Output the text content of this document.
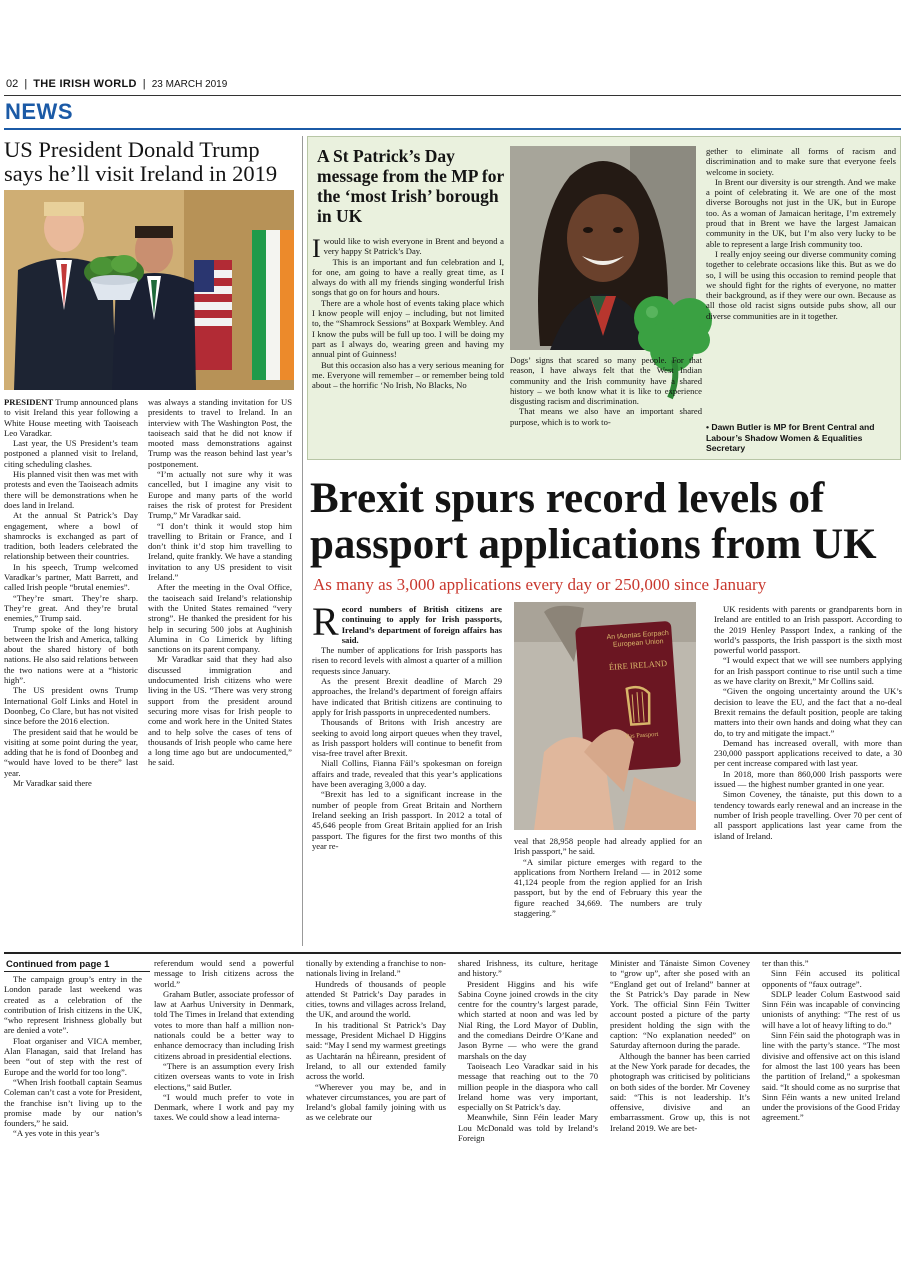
02 | THE IRISH WORLD | 23 MARCH 2019
NEWS
US President Donald Trump says he’ll visit Ireland in 2019

PRESIDENT Trump announced plans to visit Ireland this year following a White House meeting with Taoiseach Leo Varadkar.

Last year, the US President’s team postponed a planned visit to Ireland, citing scheduling clashes.

His planned visit then was met with protests and even the Taoiseach admits there will be demonstrations when he does land in Ireland.

At the annual St Patrick’s Day engagement, where a bowl of shamrocks is exchanged as part of tradition, both leaders celebrated the relationship between their countries.

In his speech, Trump welcomed Varadkar’s partner, Matt Barrett, and called Irish people “brutal enemies”.

“They’re smart. They’re sharp. They’re great. And they’re brutal enemies,” Trump said.

Trump spoke of the long history between the Irish and America, talking about the shared history of both nations. He also said relations between the two nations were at a “historic high”.

The US president owns Trump International Golf Links and Hotel in Doonbeg, Co Clare, but has not visited since before the 2016 election.

The president said that he would be visiting at some point during the year, adding that he is fond of Doonbeg and “would have loved to be there” last year.

Mr Varadkar said there

was always a standing invitation for US presidents to travel to Ireland. In an interview with The Washington Post, the taoiseach said that he did not know if mooted mass demonstrations against Trump was the reason behind last year’s postponement.

“I’m actually not sure why it was cancelled, but I imagine any visit to Europe and many parts of the world raises the risk of protest for President Trump,” Mr Varadkar said.

“I don’t think it would stop him travelling to Britain or France, and I don’t think it’d stop him travelling to Ireland, quite frankly. We have a standing invitation to any US president to visit Ireland.”

After the meeting in the Oval Office, the taoiseach said Ireland’s relationship with the United States remained “very strong”. He thanked the president for his help in securing 500 jobs at Aughinish Alumina in Co Limerick by lifting sanctions on its parent company.

Mr Varadkar said that they had also discussed immigration and undocumented Irish citizens who were living in the US. “There was very strong support from the president around securing more visas for Irish people to come and work here in the United States and to help solve the cases of tens of thousands of Irish people who came here a long time ago but are undocumented,” he said.

A St Patrick’s Day message from the MP for the ‘most Irish’ borough in UK

I would like to wish everyone in Brent and beyond a very happy St Patrick’s Day.

This is an important and fun celebration and I, for one, am going to have a really great time, as I always do with all my friends singing wonderful Irish songs that go on for hours and hours.

There are a whole host of events taking place which I know people will enjoy – including, but not limited to, the “Shamrock Sessions” at Boxpark Wembley. And I know the pubs will be full up too. I will be doing my part as I always do, wearing green and having my annual pint of Guinness!

But this occasion also has a very serious meaning for me. Everyone will remember – or remember being told about – the horrific ‘No Irish, No Blacks, No

Dogs’ signs that scared so many people. For that reason, I have always felt that the West Indian community and the Irish community have a shared history – we both know what it is like to experience disgusting racism and discrimination.

That means we also have an important shared purpose, which is to work to-

gether to eliminate all forms of racism and discrimination and to make sure that everyone feels welcome in society.

In Brent our diversity is our strength. And we make a point of celebrating it. We are one of the most diverse Boroughs not just in the UK, but in Europe too. As a woman of Jamaican heritage, I’m extremely proud that in Brent we have the largest Jamaican community in the UK, but I’m also very lucky to be able to represent a large Irish community too.

I really enjoy seeing our diverse community coming together to celebrate occasions like this. But as we do so, I will be using this occasion to remind people that we should fight for the rights of everyone, no matter their background, as if they were our own. Because as all those old racist signs outside pubs show, all our diverse communities are in it together.

• Dawn Butler is MP for Brent Central and Labour’s Shadow Women & Equalities Secretary
Brexit spurs record levels of passport applications from UK
As many as 3,000 applications every day or 250,000 since January

Record numbers of British citizens are continuing to apply for Irish passports, Ireland’s department of foreign affairs has said.

The number of applications for Irish passports has risen to record levels with almost a quarter of a million requests since January.

As the present Brexit deadline of March 29 approaches, the Ireland’s department of foreign affairs have indicated that British citizens are continuing to apply for Irish passports in unprecedented numbers.

Thousands of Britons with Irish ancestry are seeking to avoid long airport queues when they travel, as Irish passport holders will continue to benefit from visa-free travel after Brexit.

Niall Collins, Fianna Fáil’s spokesman on foreign affairs and trade, revealed that this year’s applications have been averaging 3,000 a day.

“Brexit has led to a significant increase in the number of people from Great Britain and Northern Ireland seeking an Irish passport. In 2012 a total of 45,646 people from Great Britain applied for an Irish passport. The figures for the first two months of this year re-

An tAontas Eorpach European Union
ÉIRE IRELAND
Pas Passport

veal that 28,958 people had already applied for an Irish passport,” he said.

“A similar picture emerges with regard to the applications from Northern Ireland — in 2012 some 41,124 people from the region applied for an Irish passport, but by the end of February this year the figure reached 34,669. The numbers are truly staggering.”

UK residents with parents or grandparents born in Ireland are entitled to an Irish passport. According to the 2019 Henley Passport Index, a ranking of the world’s passports, the Irish passport is the sixth most powerful world passport.

“I would expect that we will see numbers applying for an Irish passport continue to rise until such a time as we have clarity on Brexit,” Mr Collins said.

“Given the ongoing uncertainty around the UK’s decision to leave the EU, and the fact that a no-deal Brexit remains the default position, people are taking matters into their own hands and doing what they can do, to try and mitigate the impact.”

Demand has increased overall, with more than 230,000 passport applications received to date, a 30 per cent increase compared with last year.

In 2018, more than 860,000 Irish passports were issued — the highest number granted in one year.

Simon Coveney, the tánaiste, put this down to a tendency towards early renewal and an increase in the number of Irish people travelling. Over 70 per cent of all passport applications last year came from the island of Ireland.

Continued from page 1

The campaign group’s entry in the London parade last weekend was created as a celebration of the contribution of Irish citizens in the UK, “who represent Irishness globally but are denied a vote”.

Float organiser and VICA member, Alan Flanagan, said that Ireland has been “out of step with the rest of Europe and the world for too long”.

“When Irish football captain Seamus Coleman can’t cast a vote for President, the franchise isn’t living up to the promise made by our nation’s founders,” he said.

“A yes vote in this year’s

referendum would send a powerful message to Irish citizens across the world.”

Graham Butler, associate professor of law at Aarhus University in Denmark, told The Times in Ireland that extending votes to more than half a million non-nationals could be a better way to enhance democracy than including Irish citizens abroad in presidential elections.

“There is an assumption every Irish citizen overseas wants to vote in Irish elections,” said Butler.

“I would much prefer to vote in Denmark, where I work and pay my taxes. We could show a lead interna-

tionally by extending a franchise to non-nationals living in Ireland.”

Hundreds of thousands of people attended St Patrick’s Day parades in cities, towns and villages across Ireland, the UK, and around the world.

In his traditional St Patrick’s Day message, President Michael D Higgins said: “May I send my warmest greetings as Uachtarán na hÉireann, president of Ireland, to all our extended family across the world.

“Wherever you may be, and in whatever circumstances, you are part of Ireland’s global family joining with us as we celebrate our

shared Irishness, its culture, heritage and history.”

President Higgins and his wife Sabina Coyne joined crowds in the city centre for the country’s largest parade, which started at noon and was led by Nial Ring, the Lord Mayor of Dublin, and the comedians Deirdre O’Kane and Jason Byrne — who were the grand marshals on the day

Taoiseach Leo Varadkar said in his message that reaching out to the 70 million people in the diaspora who call Ireland home was very important, especially on St Patrick’s day.

Meanwhile, Sinn Féin leader Mary Lou McDonald was told by Ireland’s Foreign

Minister and Tánaiste Simon Coveney to “grow up”, after she posed with an “England get out of Ireland” banner at the St Patrick’s Day parade in New York. The official Sinn Féin Twitter account posted a picture of the party president holding the sign with the caption: “No explanation needed” on Saturday afternoon during the parade.

Although the banner has been carried at the New York parade for decades, the photograph was criticised by politicians on both sides of the border. Mr Coveney said: “This is not leadership. It’s offensive, divisive and an embarrassment. Grow up, this is not Ireland 2019. We are bet-

ter than this.”

Sinn Féin accused its political opponents of “faux outrage”.

SDLP leader Colum Eastwood said Sinn Féin was incapable of convincing unionists of anything: “The rest of us will have a lot of heavy lifting to do.”

Sinn Féin said the photograph was in line with the party’s stance. “The most divisive and offensive act on this island for almost the last 100 years has been the partition of Ireland,” a spokesman said. “It should come as no surprise that Sinn Féin wants a new united Ireland under the provisions of the Good Friday agreement.”
